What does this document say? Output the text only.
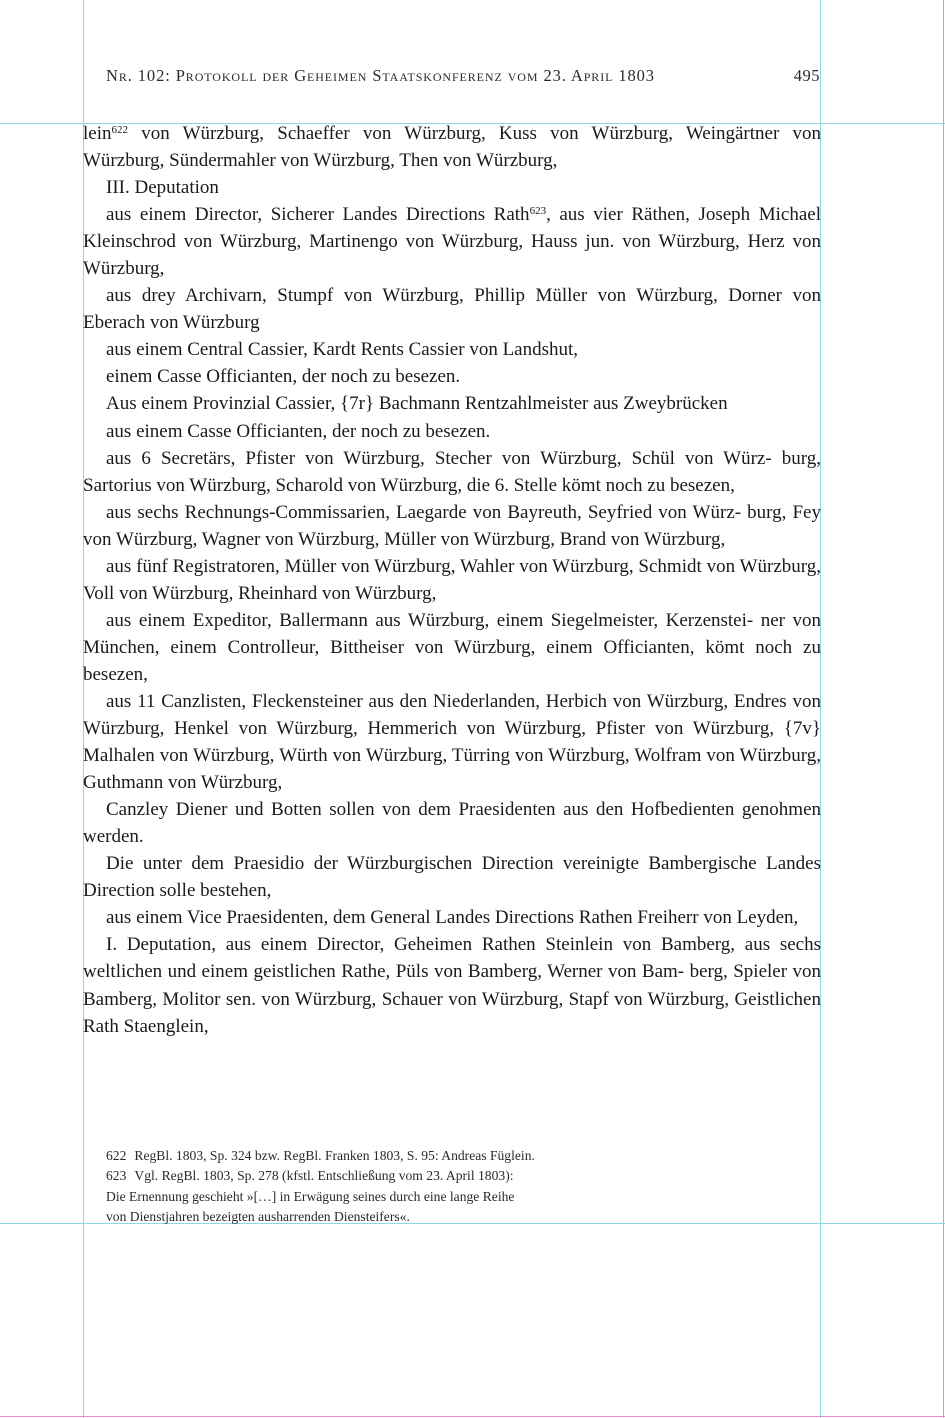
Nr. 102: Protokoll der Geheimen Staatskonferenz vom 23. April 1803	495

lein$^{622}$ von Würzburg, Schaeffer von Würzburg, Kuss von Würzburg, Weingärtner von Würzburg, Sündermahler von Würzburg, Then von Würzburg,

III. Deputation

aus einem Director, Sicherer Landes Directions Rath$^{623}$, aus vier Räthen, Joseph Michael Kleinschrod von Würzburg, Martinengo von Würzburg, Hauss jun. von Würzburg, Herz von Würzburg,

aus drey Archivarn, Stumpf von Würzburg, Phillip Müller von Würzburg, Dorner von Eberach von Würzburg

aus einem Central Cassier, Kardt Rents Cassier von Landshut,

einem Casse Officianten, der noch zu besezen.

Aus einem Provinzial Cassier, {7r} Bachmann Rentzahlmeister aus Zweybrücken

aus einem Casse Officianten, der noch zu besezen.

aus 6 Secretärs, Pfister von Würzburg, Stecher von Würzburg, Schül von Würz- burg, Sartorius von Würzburg, Scharold von Würzburg, die 6. Stelle kömt noch zu besezen,

aus sechs Rechnungs-Commissarien, Laegarde von Bayreuth, Seyfried von Würz- burg, Fey von Würzburg, Wagner von Würzburg, Müller von Würzburg, Brand von Würzburg,

aus fünf Registratoren, Müller von Würzburg, Wahler von Würzburg, Schmidt von Würzburg, Voll von Würzburg, Rheinhard von Würzburg,

aus einem Expeditor, Ballermann aus Würzburg, einem Siegelmeister, Kerzenstei- ner von München, einem Controlleur, Bittheiser von Würzburg, einem Officianten, kömt noch zu besezen,

aus 11 Canzlisten, Fleckensteiner aus den Niederlanden, Herbich von Würzburg, Endres von Würzburg, Henkel von Würzburg, Hemmerich von Würzburg, Pfister von Würzburg, {7v} Malhalen von Würzburg, Würth von Würzburg, Türring von Würzburg, Wolfram von Würzburg, Guthmann von Würzburg,

Canzley Diener und Botten sollen von dem Praesidenten aus den Hofbedienten genohmen werden.

Die unter dem Praesidio der Würzburgischen Direction vereinigte Bambergische Landes Direction solle bestehen,

aus einem Vice Praesidenten, dem General Landes Directions Rathen Freiherr von Leyden,

I. Deputation, aus einem Director, Geheimen Rathen Steinlein von Bamberg, aus sechs weltlichen und einem geistlichen Rathe, Püls von Bamberg, Werner von Bam- berg, Spieler von Bamberg, Molitor sen. von Würzburg, Schauer von Würzburg, Stapf von Würzburg, Geistlichen Rath Staenglein,

622 RegBl. 1803, Sp. 324 bzw. RegBl. Franken 1803, S. 95: Andreas Füglein.

623 Vgl. RegBl. 1803, Sp. 278 (kfstl. Entschließung vom 23. April 1803):

Die Ernennung geschieht »[…] in Erwägung seines durch eine lange Reihe

von Dienstjahren bezeigten ausharrenden Diensteifers«.
